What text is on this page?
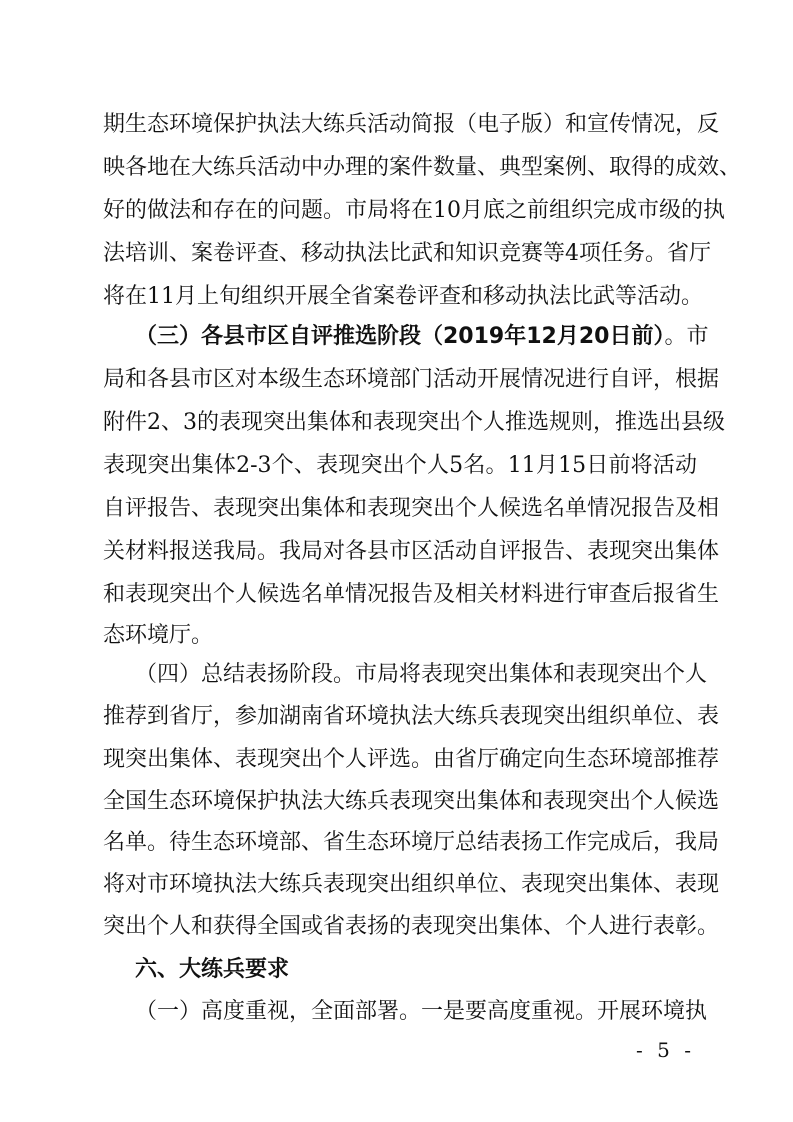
期生态环境保护执法大练兵活动简报（电子版）和宣传情况，反
映各地在大练兵活动中办理的案件数量、典型案例、取得的成效、
好的做法和存在的问题。市局将在10月底之前组织完成市级的执
法培训、案卷评查、移动执法比武和知识竞赛等4项任务。省厅
将在11月上旬组织开展全省案卷评查和移动执法比武等活动。
（三）各县市区自评推选阶段（2019年12月20日前）。市
局和各县市区对本级生态环境部门活动开展情况进行自评，根据
附件2、3的表现突出集体和表现突出个人推选规则，推选出县级
表现突出集体2-3个、表现突出个人5名。11月15日前将活动
自评报告、表现突出集体和表现突出个人候选名单情况报告及相
关材料报送我局。我局对各县市区活动自评报告、表现突出集体
和表现突出个人候选名单情况报告及相关材料进行审查后报省生
态环境厅。
（四）总结表扬阶段。市局将表现突出集体和表现突出个人
推荐到省厅，参加湖南省环境执法大练兵表现突出组织单位、表
现突出集体、表现突出个人评选。由省厅确定向生态环境部推荐
全国生态环境保护执法大练兵表现突出集体和表现突出个人候选
名单。待生态环境部、省生态环境厅总结表扬工作完成后，我局
将对市环境执法大练兵表现突出组织单位、表现突出集体、表现
突出个人和获得全国或省表扬的表现突出集体、个人进行表彰。
六、大练兵要求
（一）高度重视，全面部署。一是要高度重视。开展环境执
- 5 -
